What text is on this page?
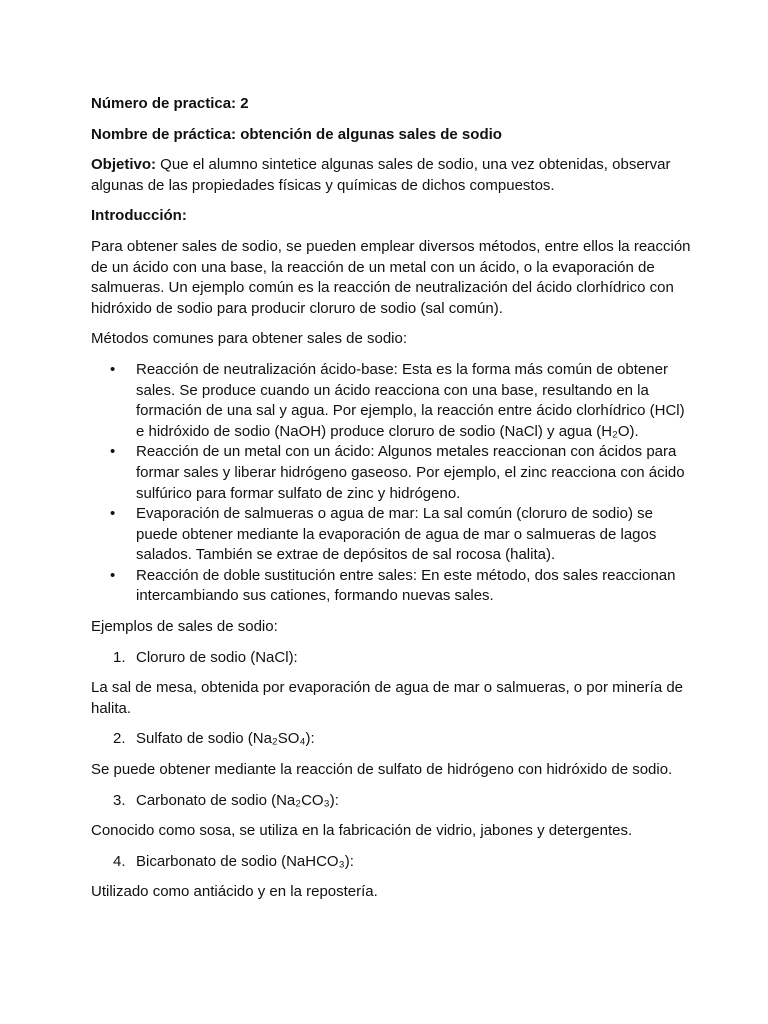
Número de practica: 2

Nombre de práctica: obtención de algunas sales de sodio

Objetivo: Que el alumno sintetice algunas sales de sodio, una vez obtenidas, observar algunas de las propiedades físicas y químicas de dichos compuestos.

Introducción:

Para obtener sales de sodio, se pueden emplear diversos métodos, entre ellos la reacción de un ácido con una base, la reacción de un metal con un ácido, o la evaporación de salmueras. Un ejemplo común es la reacción de neutralización del ácido clorhídrico con hidróxido de sodio para producir cloruro de sodio (sal común).

Métodos comunes para obtener sales de sodio:

• Reacción de neutralización ácido-base: Esta es la forma más común de obtener sales. Se produce cuando un ácido reacciona con una base, resultando en la formación de una sal y agua. Por ejemplo, la reacción entre ácido clorhídrico (HCl) e hidróxido de sodio (NaOH) produce cloruro de sodio (NaCl) y agua (H₂O).
• Reacción de un metal con un ácido: Algunos metales reaccionan con ácidos para formar sales y liberar hidrógeno gaseoso. Por ejemplo, el zinc reacciona con ácido sulfúrico para formar sulfato de zinc y hidrógeno.
• Evaporación de salmueras o agua de mar: La sal común (cloruro de sodio) se puede obtener mediante la evaporación de agua de mar o salmueras de lagos salados. También se extrae de depósitos de sal rocosa (halita).
• Reacción de doble sustitución entre sales: En este método, dos sales reaccionan intercambiando sus cationes, formando nuevas sales.

Ejemplos de sales de sodio:

1. Cloruro de sodio (NaCl):

La sal de mesa, obtenida por evaporación de agua de mar o salmueras, o por minería de halita.

2. Sulfato de sodio (Na₂SO₄):

Se puede obtener mediante la reacción de sulfato de hidrógeno con hidróxido de sodio.

3. Carbonato de sodio (Na₂CO₃):

Conocido como sosa, se utiliza en la fabricación de vidrio, jabones y detergentes.

4. Bicarbonato de sodio (NaHCO₃):

Utilizado como antiácido y en la repostería.
